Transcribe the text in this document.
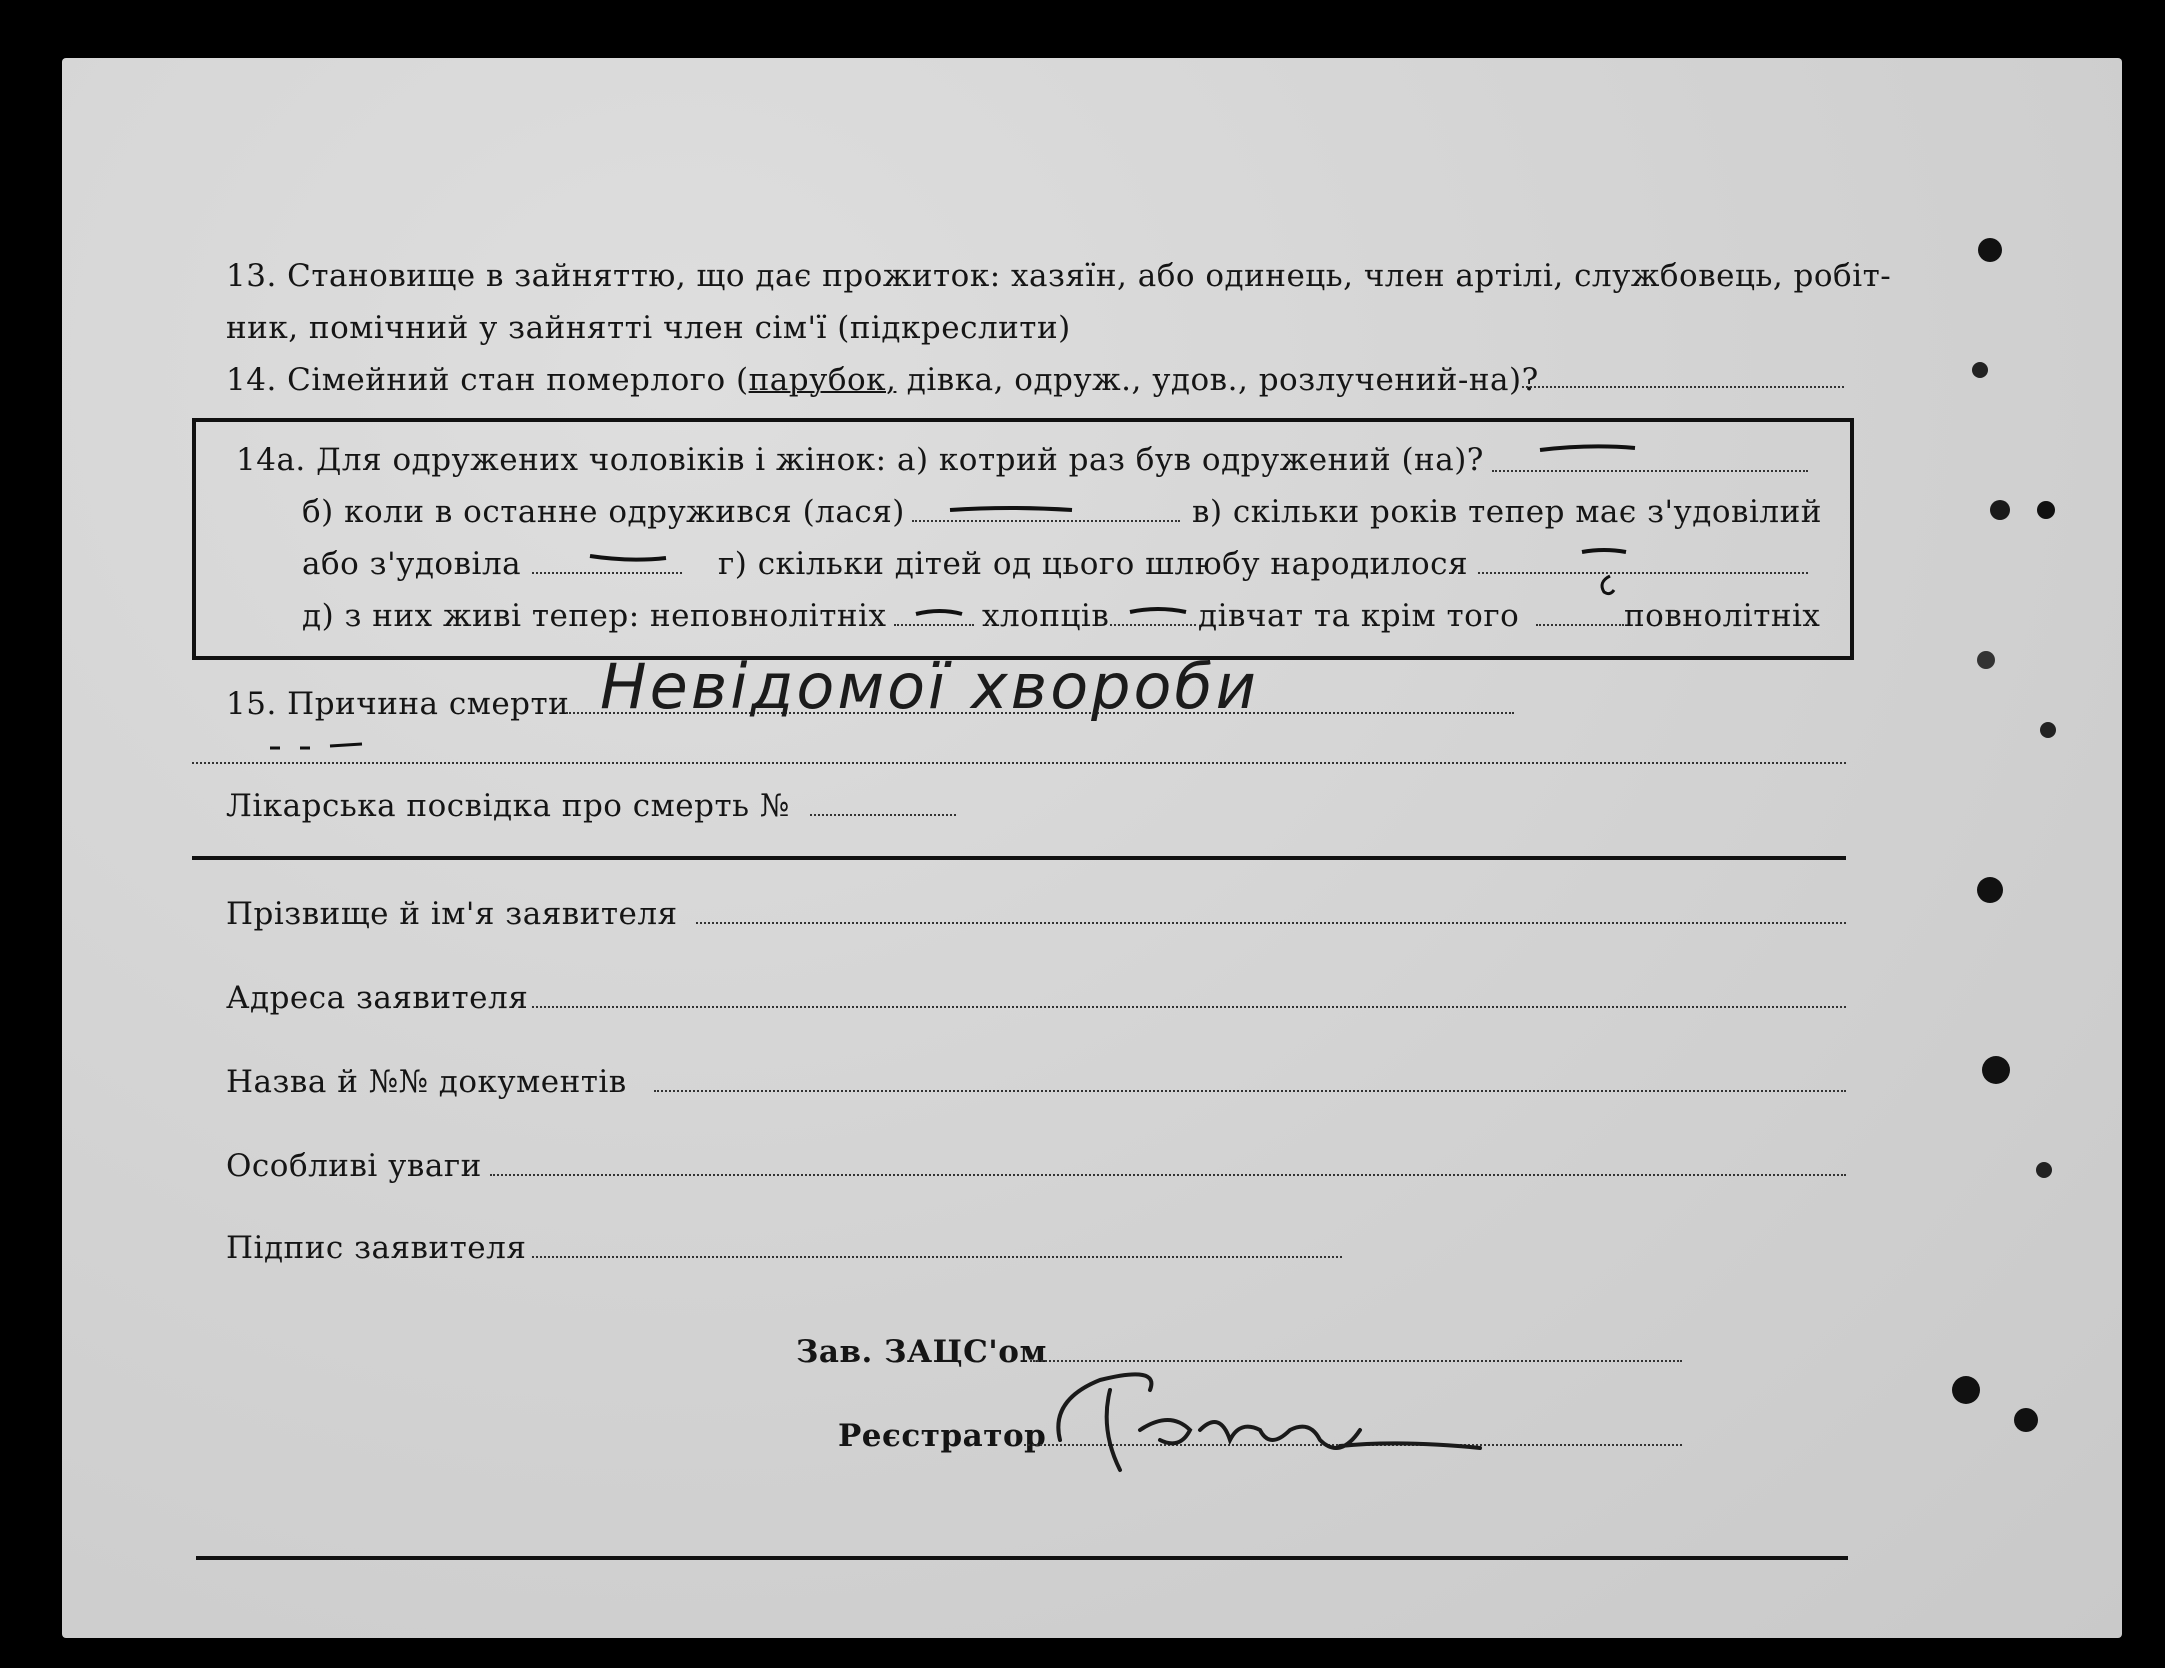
13. Становище в зайняттю, що дає прожиток: хазяїн, або одинець, член артілі, службовець, робіт-
ник, помічний у зайнятті член сім'ї (підкреслити)
14. Сімейний стан померлого (парубок, дівка, одруж., удов., розлучений-на)?
14а. Для одружених чоловіків і жінок: а) котрий раз був одружений (на)?
б) коли в останне одружився (лася)	в) скільки років тепер має з'удовілий
або з'удовіла	г) скільки дітей од цього шлюбу народилося
д) з них живі тепер: неповнолітніх	хлопців	дівчат та крім того	повнолітніх
15. Причина смерти Невідомої хвороби
Лікарська посвідка про смерть №
Прізвище й ім'я заявителя
Адреса заявителя
Назва й №№ документів
Особливі уваги
Підпис заявителя
Зав. ЗАЦС'ом
Реєстратор
